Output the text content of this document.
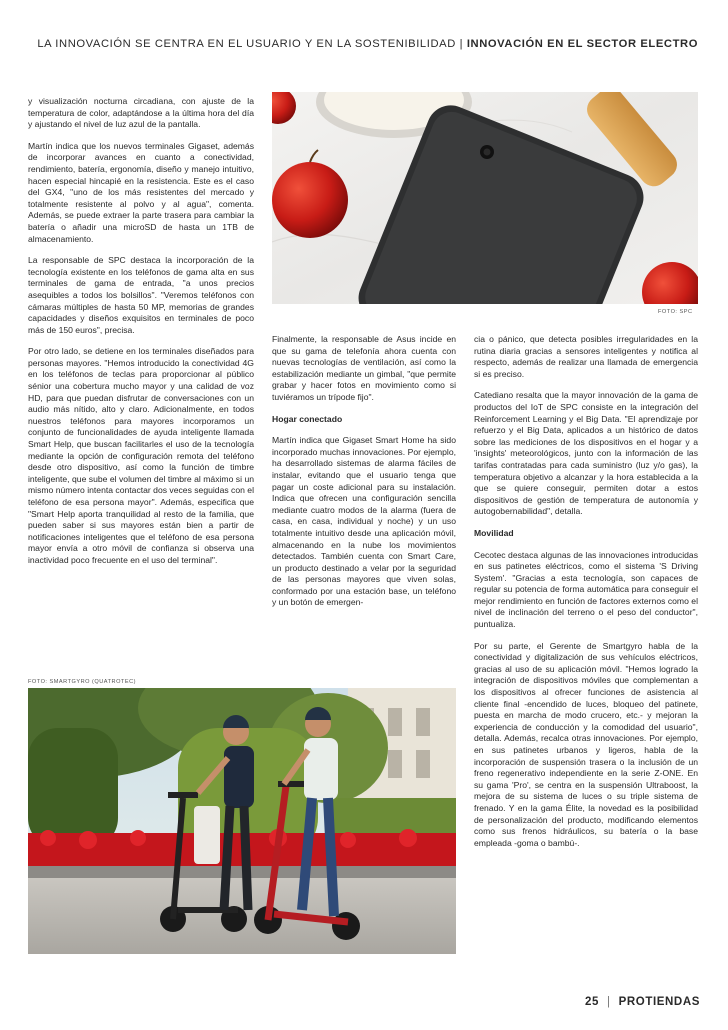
LA INNOVACIÓN SE CENTRA EN EL USUARIO Y EN LA SOSTENIBILIDAD | INNOVACIÓN EN EL SECTOR ELECTRO
FOTO: SPC

y visualización nocturna circadiana, con ajuste de la temperatura de color, adaptándose a la última hora del día y ajustando el nivel de luz azul de la pantalla.

Martín indica que los nuevos terminales Gigaset, además de incorporar avances en cuanto a conectividad, rendimiento, batería, ergonomía, diseño y manejo intuitivo, hacen especial hincapié en la resistencia. Este es el caso del GX4, "uno de los más resistentes del mercado y totalmente resistente al polvo y al agua", comenta. Además, se puede extraer la parte trasera para cambiar la batería o añadir una microSD de hasta un 1TB de almacenamiento.

La responsable de SPC destaca la incorporación de la tecnología existente en los teléfonos de gama alta en sus terminales de gama de entrada, "a unos precios asequibles a todos los bolsillos". "Veremos teléfonos con cámaras múltiples de hasta 50 MP, memorias de grandes capacidades y diseños exquisitos en terminales de poco más de 150 euros", precisa.

Por otro lado, se detiene en los terminales diseñados para personas mayores. "Hemos introducido la conectividad 4G en los teléfonos de teclas para proporcionar al público sénior una cobertura mucho mayor y una calidad de voz HD, para que puedan disfrutar de conversaciones con un audio más nítido, alto y claro. Adicionalmente, en todos nuestros teléfonos para mayores incorporamos un conjunto de funcionalidades de ayuda inteligente llamada Smart Help, que buscan facilitarles el uso de la tecnología mediante la opción de configuración remota del teléfono desde otro dispositivo, así como la función de timbre inteligente, que sube el volumen del timbre al máximo si un mismo número intenta contactar dos veces seguidas con el teléfono de esa persona mayor". Además, especifica que "Smart Help aporta tranquilidad al resto de la familia, que pueden saber si sus mayores están bien a partir de notificaciones inteligentes que el teléfono de esa persona mayor envía a otro móvil de confianza si observa una inactividad poco frecuente en el uso del terminal".

Finalmente, la responsable de Asus incide en que su gama de telefonía ahora cuenta con nuevas tecnologías de ventilación, así como la estabilización mediante un gimbal, "que permite grabar y hacer fotos en movimiento como si tuviéramos un trípode fijo".

Hogar conectado

Martín indica que Gigaset Smart Home ha sido incorporado muchas innovaciones. Por ejemplo, ha desarrollado sistemas de alarma fáciles de instalar, evitando que el usuario tenga que pagar un coste adicional para su instalación. Indica que ofrecen una configuración sencilla mediante cuatro modos de la alarma (fuera de casa, en casa, individual y noche) y un uso totalmente intuitivo desde una aplicación móvil, almacenando en la nube los movimientos detectados. También cuenta con Smart Care, un producto destinado a velar por la seguridad de las personas mayores que viven solas, conformado por una estación base, un teléfono y un botón de emergen-

cia o pánico, que detecta posibles irregularidades en la rutina diaria gracias a sensores inteligentes y notifica al respecto, además de realizar una llamada de emergencia si es preciso.

Catediano resalta que la mayor innovación de la gama de productos del IoT de SPC consiste en la integración del Reinforcement Learning y el Big Data. "El aprendizaje por refuerzo y el Big Data, aplicados a un histórico de datos sobre las mediciones de los dispositivos en el hogar y a 'insights' meteorológicos, junto con la información de las tarifas contratadas para cada suministro (luz y/o gas), la temperatura objetivo a alcanzar y la hora establecida a la que se quiere conseguir, permiten dotar a estos dispositivos de gestión de temperatura de autonomía y autogobernabilidad", detalla.

Movilidad

Cecotec destaca algunas de las innovaciones introducidas en sus patinetes eléctricos, como el sistema 'S Driving System'. "Gracias a esta tecnología, son capaces de regular su potencia de forma automática para conseguir el mejor rendimiento en función de factores externos como el nivel de inclinación del terreno o el peso del conductor", puntualiza.

Por su parte, el Gerente de Smartgyro habla de la conectividad y digitalización de sus vehículos eléctricos, gracias al uso de su aplicación móvil. "Hemos logrado la integración de dispositivos móviles que complementan a los dispositivos al ofrecer funciones de asistencia al cliente final -encendido de luces, bloqueo del patinete, puesta en marcha de modo crucero, etc.- y mejoran la experiencia de conducción y la comodidad del usuario", detalla. Además, recalca otras innovaciones. Por ejemplo, en sus patinetes urbanos y ligeros, habla de la incorporación de suspensión trasera o la inclusión de un freno regenerativo independiente en la serie Z-ONE. En su gama 'Pro', se centra en la suspensión Ultraboost, la mejora de su sistema de luces o su triple sistema de frenado. Y en la gama Élite, la novedad es la posibilidad de personalización del producto, modificando elementos como sus frenos hidráulicos, su batería o la base empleada -goma o bambú-.

FOTO: SMARTGYRO (QUATROTEC)
25 | PROTIENDAS
